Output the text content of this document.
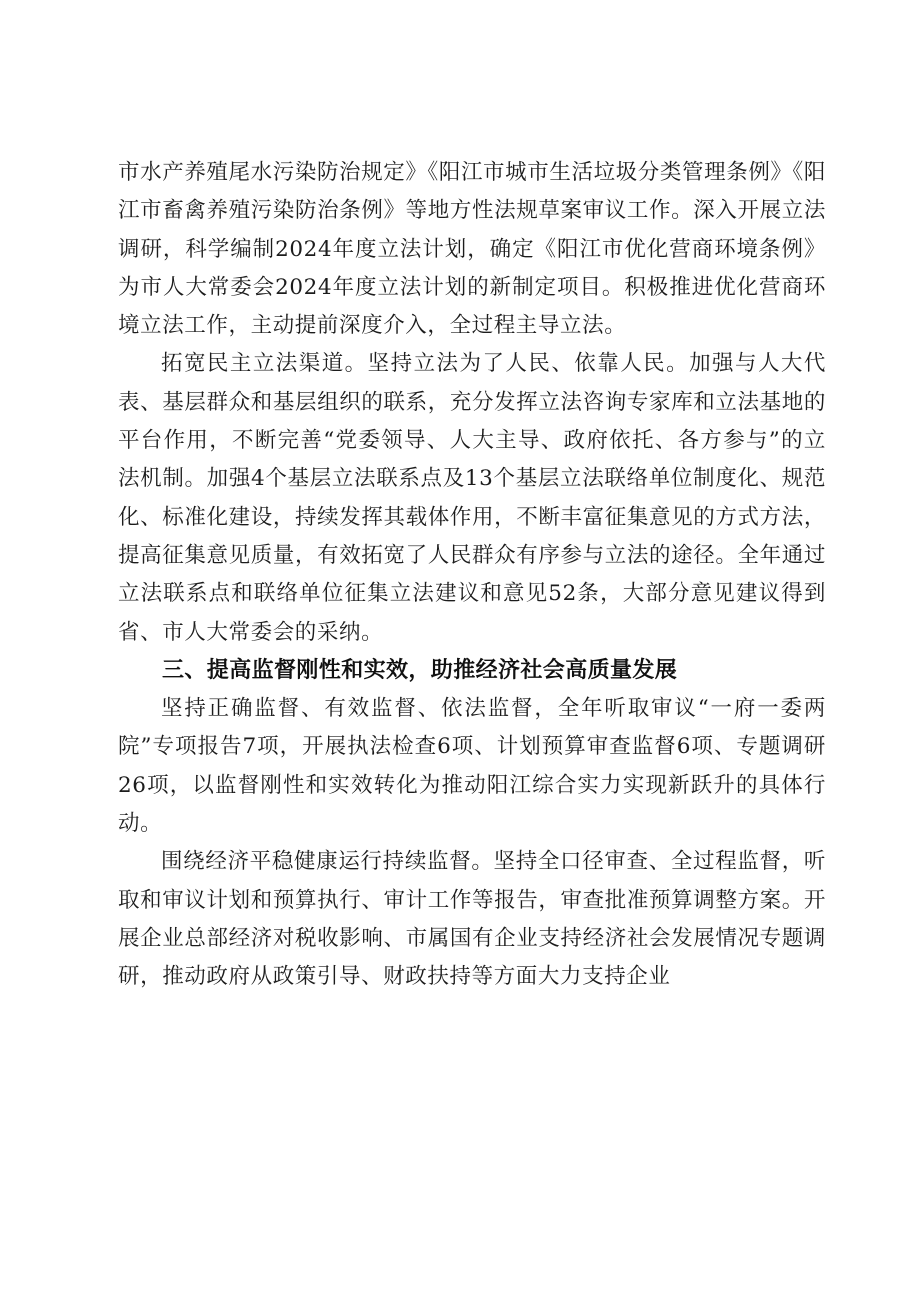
市水产养殖尾水污染防治规定》《阳江市城市生活垃圾分类管理条例》《阳江市畜禽养殖污染防治条例》等地方性法规草案审议工作。深入开展立法调研，科学编制2024年度立法计划，确定《阳江市优化营商环境条例》为市人大常委会2024年度立法计划的新制定项目。积极推进优化营商环境立法工作，主动提前深度介入，全过程主导立法。

拓宽民主立法渠道。坚持立法为了人民、依靠人民。加强与人大代表、基层群众和基层组织的联系，充分发挥立法咨询专家库和立法基地的平台作用，不断完善“党委领导、人大主导、政府依托、各方参与”的立法机制。加强4个基层立法联系点及13个基层立法联络单位制度化、规范化、标准化建设，持续发挥其载体作用，不断丰富征集意见的方式方法，提高征集意见质量，有效拓宽了人民群众有序参与立法的途径。全年通过立法联系点和联络单位征集立法建议和意见52条，大部分意见建议得到省、市人大常委会的采纳。

三、提高监督刚性和实效，助推经济社会高质量发展

坚持正确监督、有效监督、依法监督，全年听取审议“一府一委两院”专项报告7项，开展执法检查6项、计划预算审查监督6项、专题调研26项，以监督刚性和实效转化为推动阳江综合实力实现新跃升的具体行动。

围绕经济平稳健康运行持续监督。坚持全口径审查、全过程监督，听取和审议计划和预算执行、审计工作等报告，审查批准预算调整方案。开展企业总部经济对税收影响、市属国有企业支持经济社会发展情况专题调研，推动政府从政策引导、财政扶持等方面大力支持企业
